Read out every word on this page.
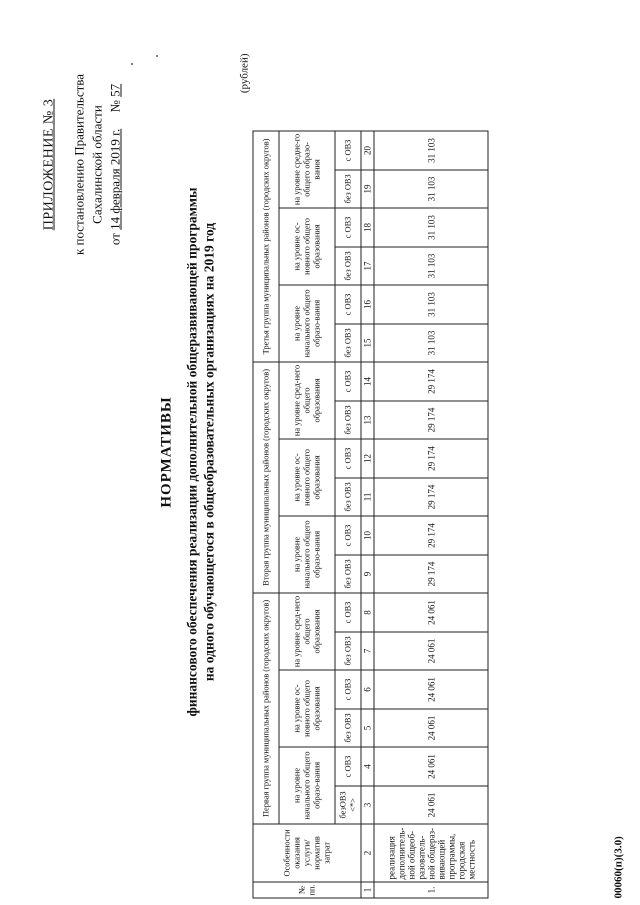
ПРИЛОЖЕНИЕ № 3 к постановлению Правительства Сахалинской области
от 14 февраля 2019 г.     № 57
НОРМАТИВЫ финансового обеспечения реализации дополнительной общеразвивающей программы на одного обучающегося в общеобразовательных организациях на 2019 год
(рублей)
№ пп.	Особенности оказания услуги/ норматив затрат	Первая группа муниципальных районов (городских округов)						Вторая группа муниципальных районов (городских округов)						Третья группа муниципальных районов (городских округов)					
		на уровне начального общего образо-вания		на уровне ос-новного общего образования		на уровне сред-него общего образования		на уровне начального общего образо-вания		на уровне ос-новного общего образования		на уровне сред-него общего образования		на уровне начального общего образо-вания		на уровне ос-новного общего образования		на уровне средне-го общего образо-вания	
		безОВЗ <*>	с ОВЗ	без ОВЗ	с ОВЗ	без ОВЗ	с ОВЗ	без ОВЗ	с ОВЗ	без ОВЗ	с ОВЗ	без ОВЗ	с ОВЗ	без ОВЗ	с ОВЗ	без ОВЗ	с ОВЗ	без ОВЗ	с ОВЗ
1	2	3	4	5	6	7	8	9	10	11	12	13	14	15	16	17	18	19	20
1.	реализация дополнитель-ной общеоб-разователь-ной общераз-вивающей программы, городская местность	24 061	24 061	24 061	24 061	24 061	24 061	29 174	29 174	29 174	29 174	29 174	29 174	31 103	31 103	31 103	31 103	31 103	31 103
00060(п)(3.0)
